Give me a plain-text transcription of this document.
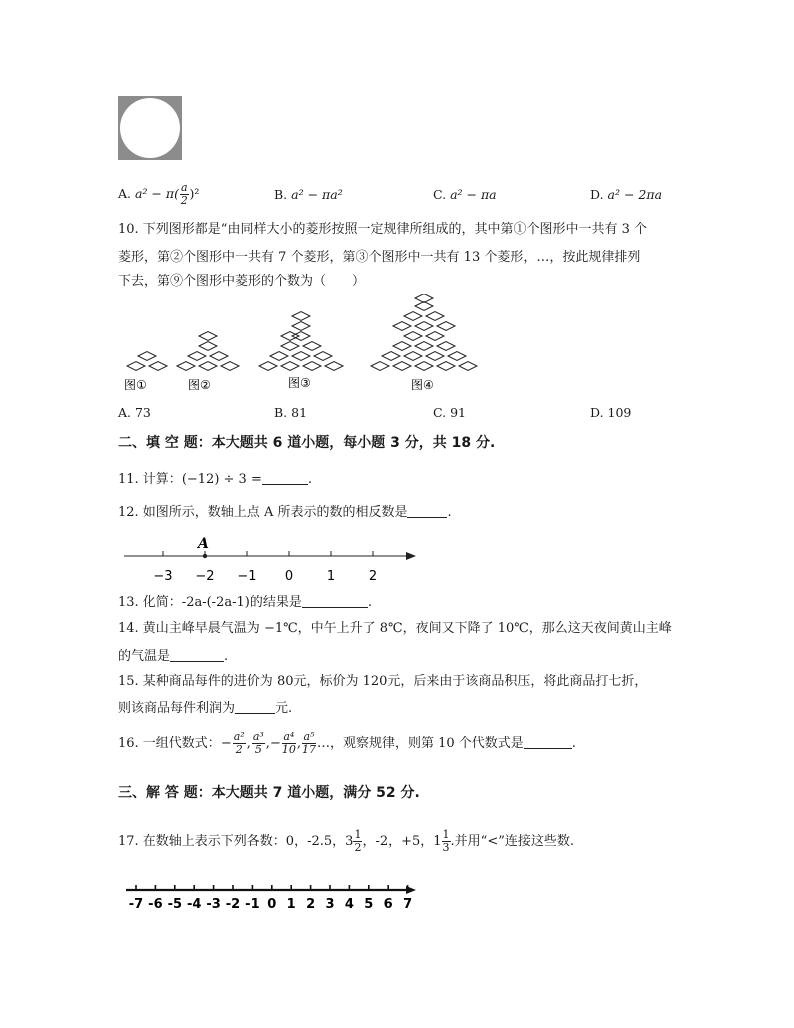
A. $a^2 - \pi( \frac{a}{2} )^2$	B. a² − πa²	C. a² − πa	D. a² − 2πa
10. 下列图形都是“由同样大小的菱形按照一定规律所组成的，其中第①个图形中一共有 3 个
菱形，第②个图形中一共有 7 个菱形，第③个图形中一共有 13 个菱形，…，按此规律排列
下去，第⑨个图形中菱形的个数为（　　）
图①	图②	图③	图④
A. 73	B. 81	C. 91	D. 109
二、填 空 题：本大题共 6 道小题，每小题 3 分，共 18 分.
11. 计算：(−12) ÷ 3 =	.
12. 如图所示，数轴上点 A 所表示的数的相反数是	.
−3 −2 −1 0	1	2
A
13. 化简：-2a-(-2a-1)的结果是	.
14. 黄山主峰早晨气温为 −1℃，中午上升了 8℃，夜间又下降了 10℃，那么这天夜间黄山主峰
的气温是	.
15. 某种商品每件的进价为 80元，标价为 120元，后来由于该商品积压，将此商品打七折，
则该商品每件利润为	元.
16. 一组代数式：− $\frac{\text{a²}}{2}$ , $\frac{\text{a³}}{5}$ ,− $\frac{\text{a⁴}}{10}$ , $\frac{\text{a⁵}}{17}$ …，观察规律，则第 10 个代数式是	.
三、解 答 题：本大题共 7 道小题，满分 52 分.
17. 在数轴上表示下列各数：0，-2.5，$3 \frac{1}{2}$ ，-2，+5，$1 \frac{1}{3}$ .并用“<”连接这些数.
-7 -6 -5 -4 -3 -2 -1 0 1 2 3 4 5 6 7
